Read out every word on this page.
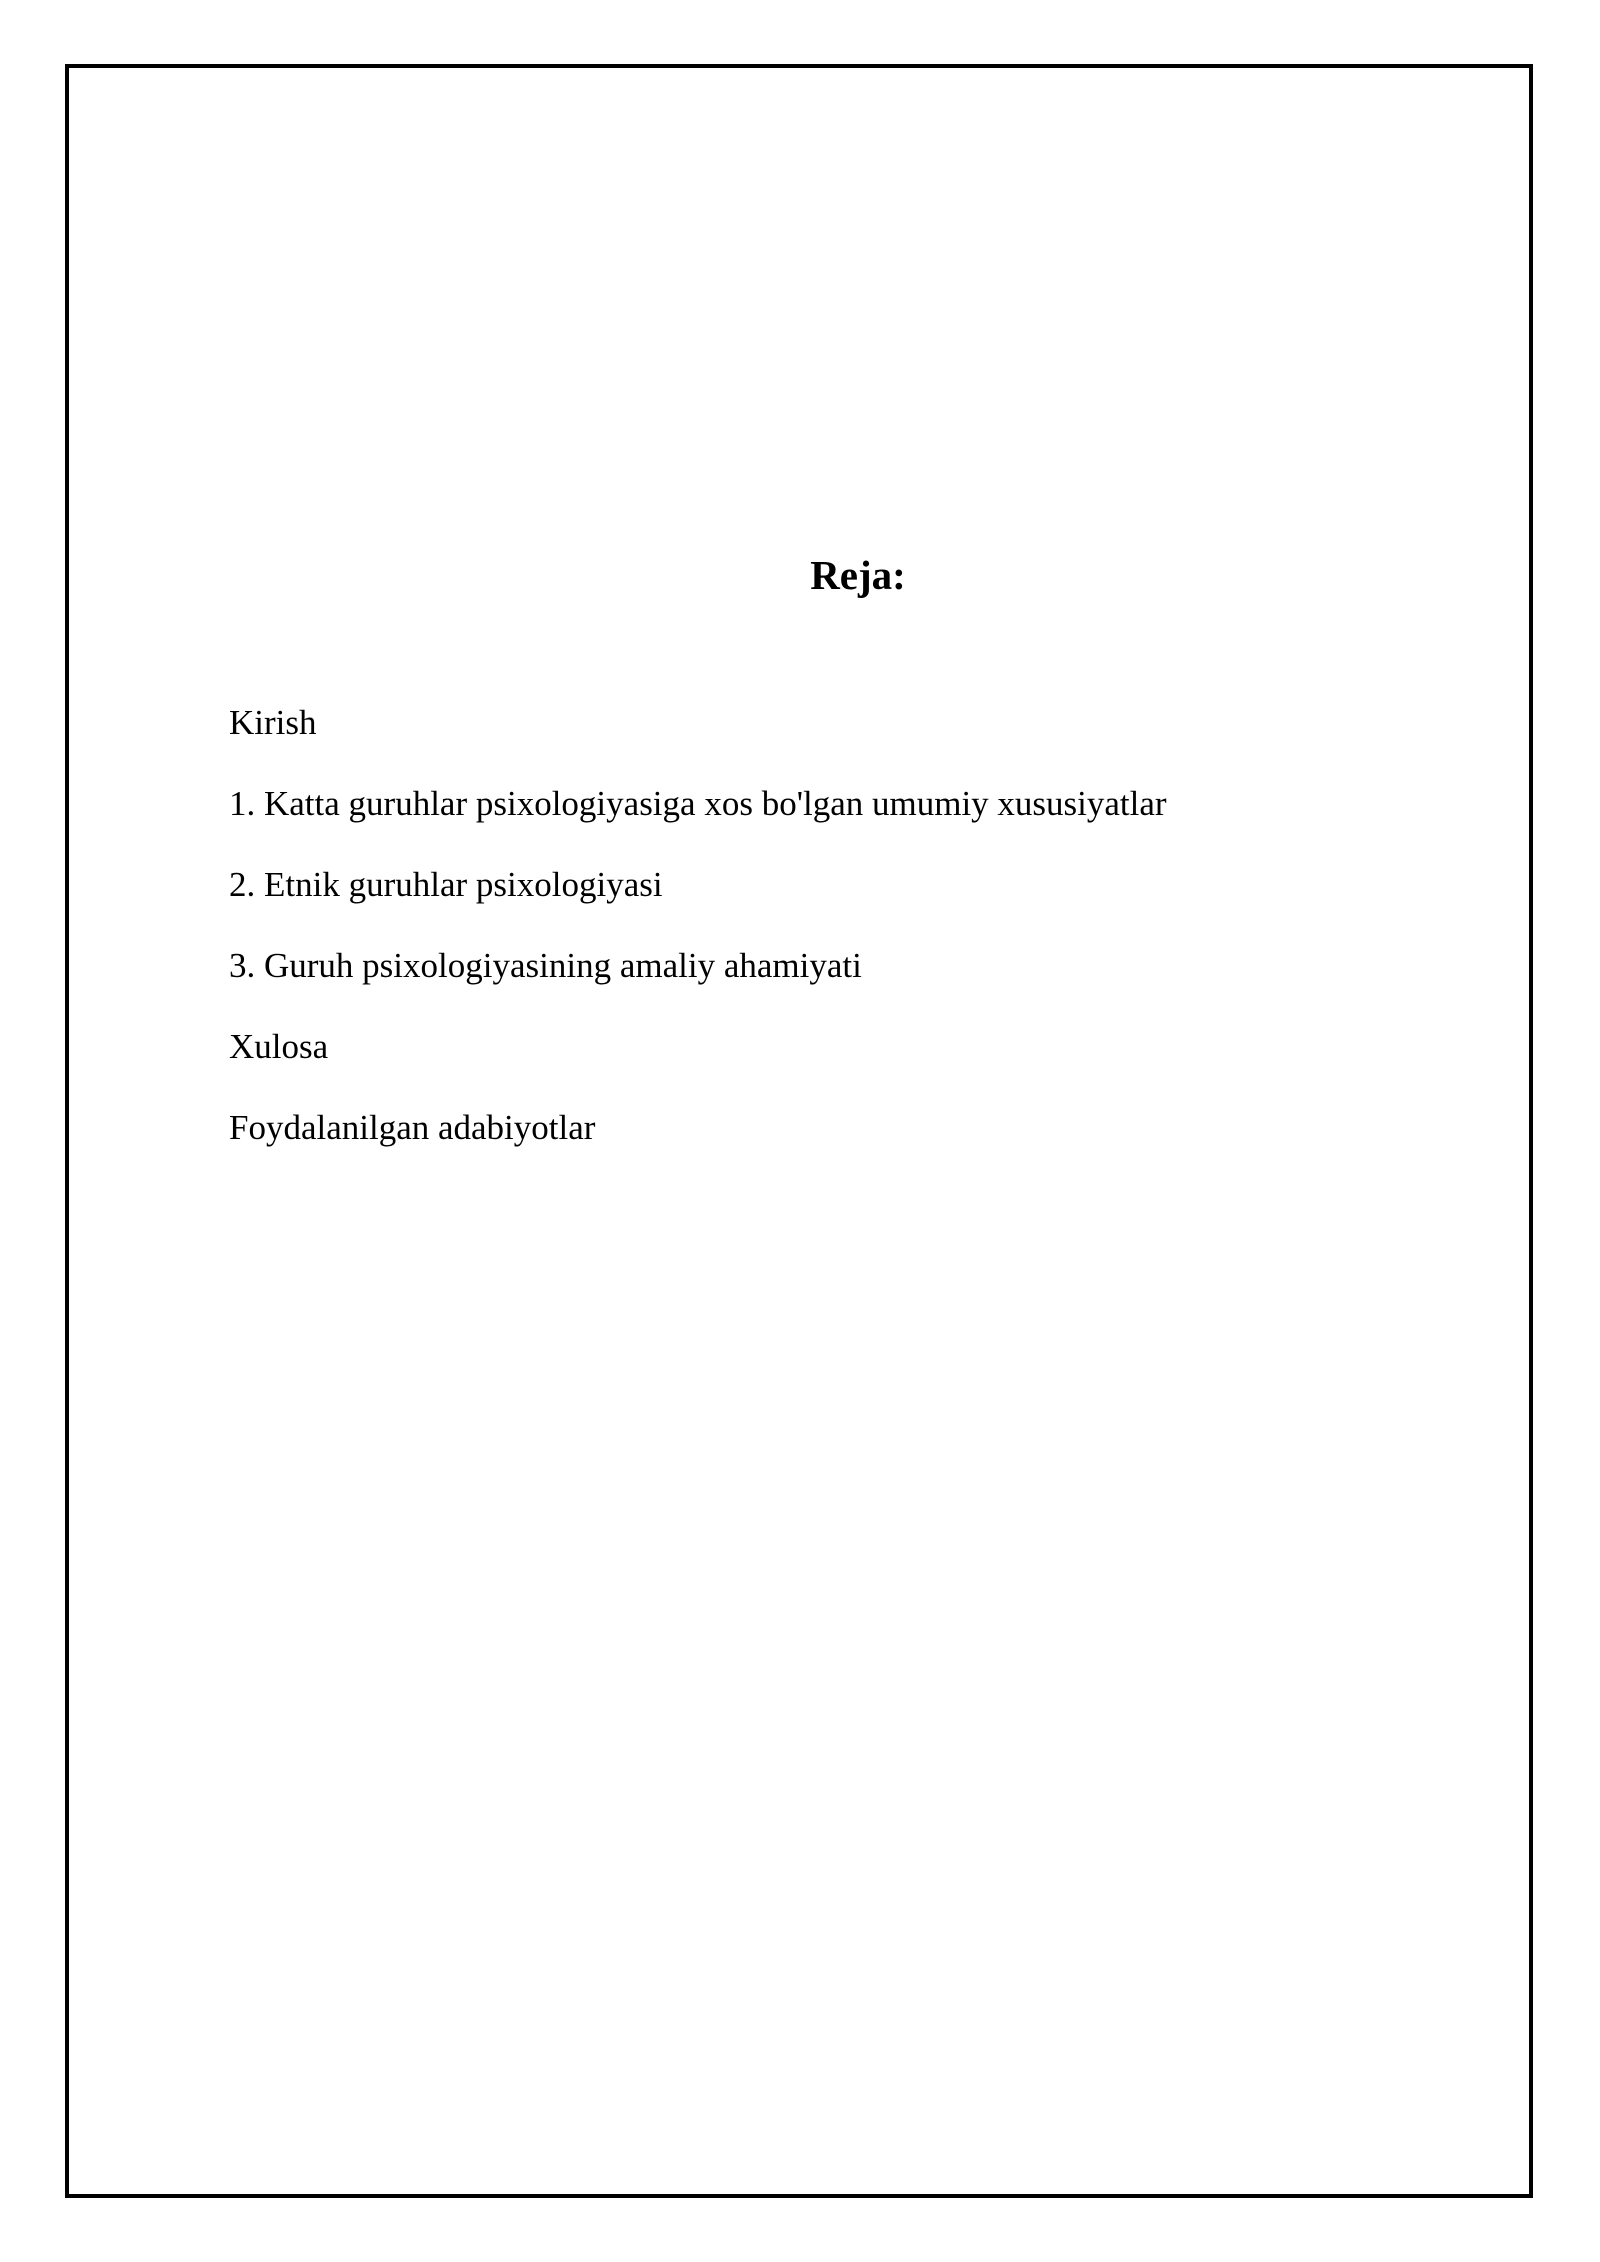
Reja:
Kirish
1. Katta guruhlar psixologiyasiga xos bo'lgan umumiy xususiyatlar
2. Etnik guruhlar psixologiyasi
3. Guruh psixologiyasining amaliy ahamiyati
Xulosa
Foydalanilgan adabiyotlar
